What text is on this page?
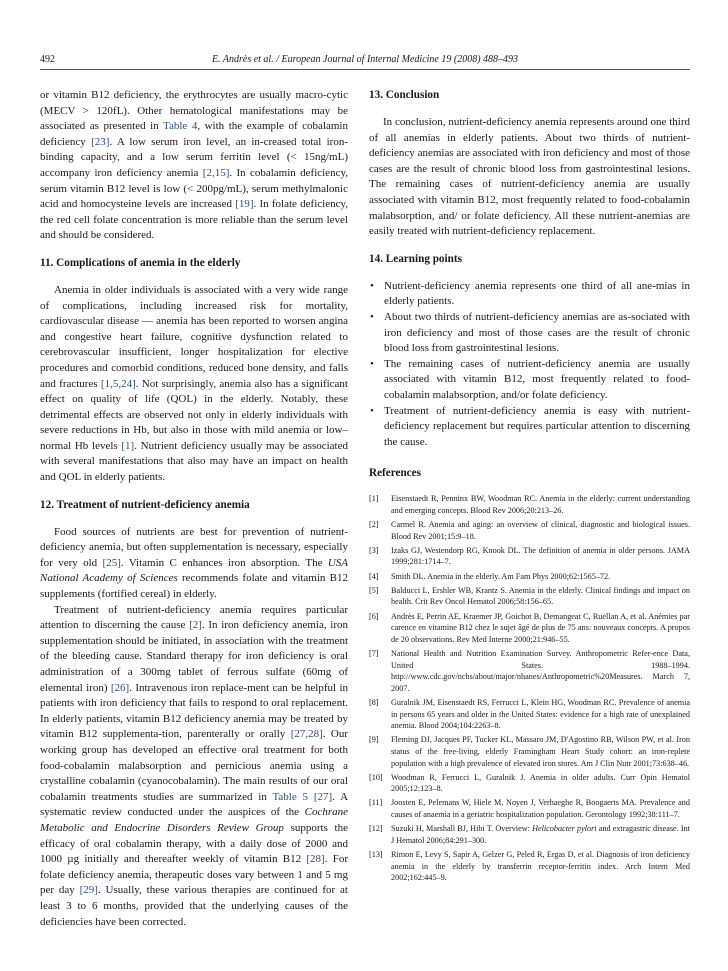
492	E. Andrès et al. / European Journal of Internal Medicine 19 (2008) 488–493

or vitamin B12 deficiency, the erythrocytes are usually macro-cytic (MECV > 120fL). Other hematological manifestations may be associated as presented in Table 4, with the example of cobalamin deficiency [23]. A low serum iron level, an in-creased total iron-binding capacity, and a low serum ferritin level (< 15ng/mL) accompany iron deficiency anemia [2,15]. In cobalamin deficiency, serum vitamin B12 level is low (< 200pg/mL), serum methylmalonic acid and homocysteine levels are increased [19]. In folate deficiency, the red cell folate concentration is more reliable than the serum level and should be considered.

11. Complications of anemia in the elderly

Anemia in older individuals is associated with a very wide range of complications, including increased risk for mortality, cardiovascular disease — anemia has been reported to worsen angina and congestive heart failure, cognitive dysfunction related to cerebrovascular insufficient, longer hospitalization for elective procedures and comorbid conditions, reduced bone density, and falls and fractures [1,5,24]. Not surprisingly, anemia also has a significant effect on quality of life (QOL) in the elderly. Notably, these detrimental effects are observed not only in elderly individuals with severe reductions in Hb, but also in those with mild anemia or low–normal Hb levels [1]. Nutrient deficiency usually may be associated with several manifestations that also may have an impact on health and QOL in elderly patients.

12. Treatment of nutrient-deficiency anemia

Food sources of nutrients are best for prevention of nutrient-deficiency anemia, but often supplementation is necessary, especially for very old [25]. Vitamin C enhances iron absorption. The USA National Academy of Sciences recommends folate and vitamin B12 supplements (fortified cereal) in elderly.

Treatment of nutrient-deficiency anemia requires particular attention to discerning the cause [2]. In iron deficiency anemia, iron supplementation should be initiated, in association with the treatment of the bleeding cause. Standard therapy for iron deficiency is oral administration of a 300mg tablet of ferrous sulfate (60mg of elemental iron) [26]. Intravenous iron replace-ment can be helpful in patients with iron deficiency that fails to respond to oral replacement. In elderly patients, vitamin B12 deficiency anemia may be treated by vitamin B12 supplementa-tion, parenterally or orally [27,28]. Our working group has developed an effective oral treatment for both food-cobalamin malabsorption and pernicious anemia using a crystalline cobalamin (cyanocobalamin). The main results of our oral cobalamin treatments studies are summarized in Table 5 [27]. A systematic review conducted under the auspices of the Cochrane Metabolic and Endocrine Disorders Review Group supports the efficacy of oral cobalamin therapy, with a daily dose of 2000 and 1000 µg initially and thereafter weekly of vitamin B12 [28]. For folate deficiency anemia, therapeutic doses vary between 1 and 5 mg per day [29]. Usually, these various therapies are continued for at least 3 to 6 months, provided that the underlying causes of the deficiencies have been corrected.

13. Conclusion

In conclusion, nutrient-deficiency anemia represents around one third of all anemias in elderly patients. About two thirds of nutrient-deficiency anemias are associated with iron deficiency and most of those cases are the result of chronic blood loss from gastrointestinal lesions. The remaining cases of nutrient-deficiency anemia are usually associated with vitamin B12, most frequently related to food-cobalamin malabsorption, and/ or folate deficiency. All these nutrient-anemias are easily treated with nutrient-deficiency replacement.

14. Learning points
• Nutrient-deficiency anemia represents one third of all ane-mias in elderly patients.
• About two thirds of nutrient-deficiency anemias are as-sociated with iron deficiency and most of those cases are the result of chronic blood loss from gastrointestinal lesions.
• The remaining cases of nutrient-deficiency anemia are usually associated with vitamin B12, most frequently related to food-cobalamin malabsorption, and/or folate deficiency.
• Treatment of nutrient-deficiency anemia is easy with nutrient-deficiency replacement but requires particular attention to discerning the cause.
References
[1] Eisenstaedt R, Penninx BW, Woodman RC. Anemia in the elderly: current understanding and emerging concepts. Blood Rev 2006;20:213–26.
[2] Carmel R. Anemia and aging: an overview of clinical, diagnostic and biological issues. Blood Rev 2001;15:9–18.
[3] Izaks GJ, Westendorp RG, Knook DL. The definition of anemia in older persons. JAMA 1999;281:1714–7.
[4] Smith DL. Anemia in the elderly. Am Fam Phys 2000;62:1565–72.
[5] Balducci L, Ershler WB, Krantz S. Anemia in the elderly. Clinical findings and impact on health. Crit Rev Oncol Hematol 2006;58:156–65.
[6] Andrès E, Perrin AE, Kraemer JP, Goichot B, Demangeat C, Ruellan A, et al. Anémies par carence en vitamine B12 chez le sujet âgé de plus de 75 ans: nouveaux concepts. A propos de 20 observations. Rev Med Interne 2000;21:946–55.
[7] National Health and Nutrition Examination Survey. Anthropometric Refer-ence Data, United States. 1988–1994. http://www.cdc.gov/nchs/about/major/nhanes/Anthropometric%20Measures. March 7, 2007.
[8] Guralnik JM, Eisenstaedt RS, Ferrucci L, Klein HG, Woodman RC. Prevalence of anemia in persons 65 years and older in the United States: evidence for a high rate of unexplained anemia. Blood 2004;104:2263–8.
[9] Fleming DJ, Jacques PF, Tucker KL, Massaro JM, D'Agostino RB, Wilson PW, et al. Iron status of the free-living, elderly Framingham Heart Study cohort: an iron-replete population with a high prevalence of elevated iron stores. Am J Clin Nutr 2001;73:638–46.
[10] Woodman R, Ferrucci L, Guralnik J. Anemia in older adults. Curr Opin Hematol 2005;12:123–8.
[11] Joosten E, Pelemans W, Hiele M, Noyen J, Verhaeghe R, Boogaerts MA. Prevalence and causes of anaemia in a geriatric hospitalization population. Gerontology 1992;38:111–7.
[12] Suzuki H, Marshall BJ, Hibi T. Overview: Helicobacter pylori and extragastric disease. Int J Hematol 2006;84:291–300.
[13] Rimon E, Levy S, Sapir A, Gelzer G, Peled R, Ergas D, et al. Diagnosis of iron deficiency anemia in the elderly by transferrin receptor-ferritin index. Arch Intern Med 2002;162:445–9.
